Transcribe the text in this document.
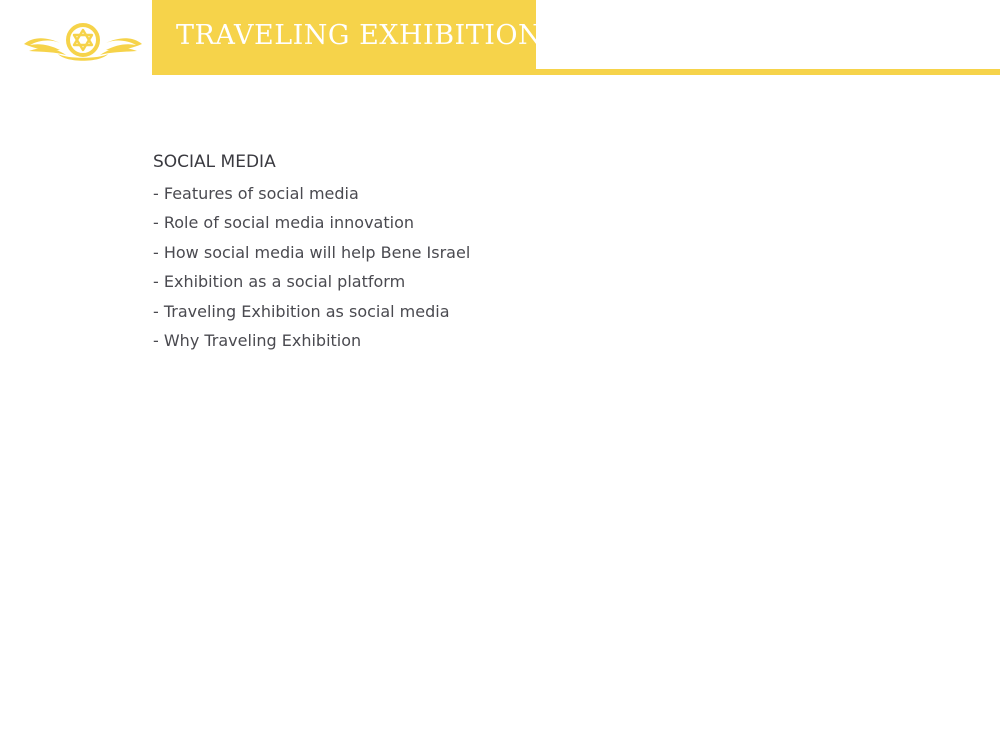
TRAVELING EXHIBITION
SOCIAL MEDIA
- Features of social media
- Role of social media innovation
- How social media will help Bene Israel
- Exhibition as a social platform
- Traveling Exhibition as social media
- Why Traveling Exhibition
